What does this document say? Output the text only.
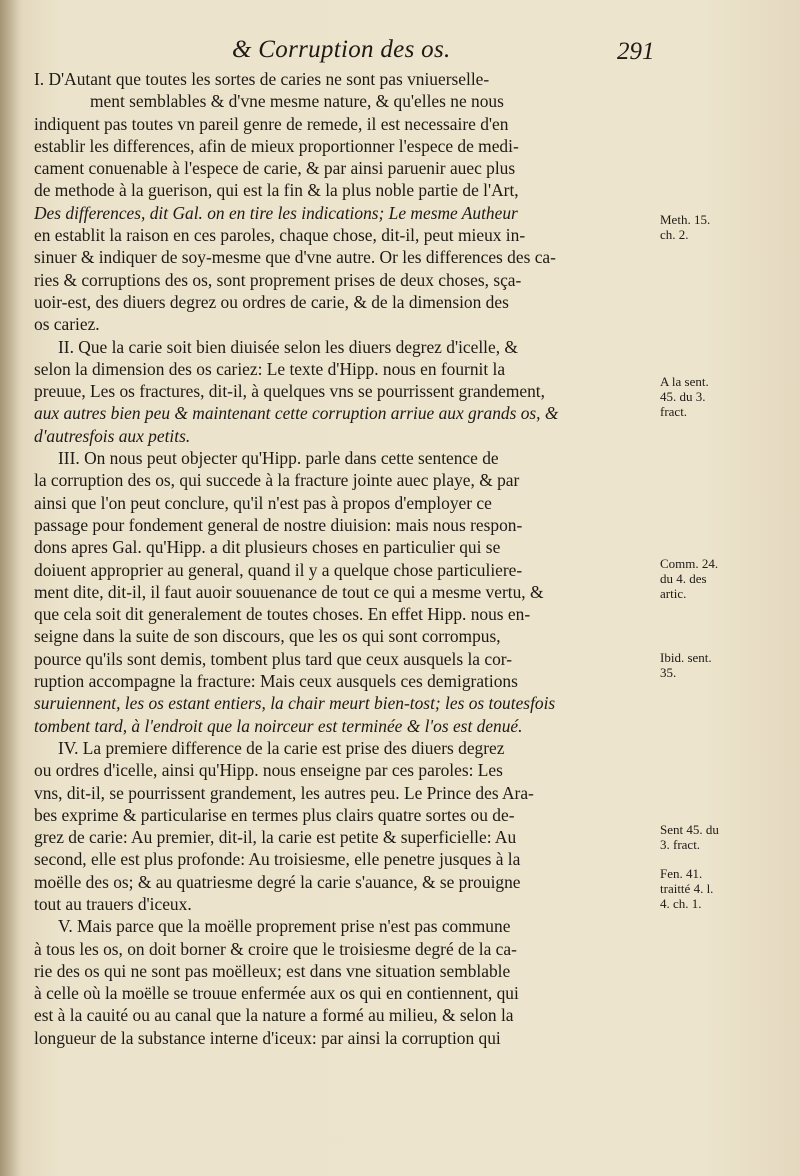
& Corruption des os.	291
I. D'Autant que toutes les sortes de caries ne sont pas vniuerselle-
ment semblables & d'vne mesme nature, & qu'elles ne nous
indiquent pas toutes vn pareil genre de remede, il est necessaire d'en
establir les differences, afin de mieux proportionner l'espece de medi-
cament conuenable à l'espece de carie, & par ainsi paruenir auec plus
de methode à la guerison, qui est la fin & la plus noble partie de l'Art,
Des differences, dit Gal. on en tire les indications; Le mesme Autheur
en establit la raison en ces paroles, chaque chose, dit-il, peut mieux in-
sinuer & indiquer de soy-mesme que d'vne autre. Or les differences des ca-
ries & corruptions des os, sont proprement prises de deux choses, sça-
uoir-est, des diuers degrez ou ordres de carie, & de la dimension des
os cariez.
II. Que la carie soit bien diuisée selon les diuers degrez d'icelle, &
selon la dimension des os cariez: Le texte d'Hipp. nous en fournit la
preuue, Les os fractures, dit-il, à quelques vns se pourrissent grandement,
aux autres bien peu & maintenant cette corruption arriue aux grands os, &
d'autresfois aux petits.
III. On nous peut objecter qu'Hipp. parle dans cette sentence de
la corruption des os, qui succede à la fracture jointe auec playe, & par
ainsi que l'on peut conclure, qu'il n'est pas à propos d'employer ce
passage pour fondement general de nostre diuision: mais nous respon-
dons apres Gal. qu'Hipp. a dit plusieurs choses en particulier qui se
doiuent approprier au general, quand il y a quelque chose particuliere-
ment dite, dit-il, il faut auoir souuenance de tout ce qui a mesme vertu, &
que cela soit dit generalement de toutes choses. En effet Hipp. nous en-
seigne dans la suite de son discours, que les os qui sont corrompus,
pource qu'ils sont demis, tombent plus tard que ceux ausquels la cor-
ruption accompagne la fracture: Mais ceux ausquels ces demigrations
suruiennent, les os estant entiers, la chair meurt bien-tost; les os toutesfois
tombent tard, à l'endroit que la noirceur est terminée & l'os est denué.
IV. La premiere difference de la carie est prise des diuers degrez
ou ordres d'icelle, ainsi qu'Hipp. nous enseigne par ces paroles: Les
vns, dit-il, se pourrissent grandement, les autres peu. Le Prince des Ara-
bes exprime & particularise en termes plus clairs quatre sortes ou de-
grez de carie: Au premier, dit-il, la carie est petite & superficielle: Au
second, elle est plus profonde: Au troisiesme, elle penetre jusques à la
moëlle des os; & au quatriesme degré la carie s'auance, & se prouigne
tout au trauers d'iceux.
V. Mais parce que la moëlle proprement prise n'est pas commune
à tous les os, on doit borner & croire que le troisiesme degré de la ca-
rie des os qui ne sont pas moëlleux; est dans vne situation semblable
à celle où la moëlle se trouue enfermée aux os qui en contiennent, qui
est à la cauité ou au canal que la nature a formé au milieu, & selon la
longueur de la substance interne d'iceux: par ainsi la corruption qui
Meth. 15.
ch. 2.
A la sent.
45. du 3.
fract.
Comm. 24.
du 4. des
artic.
Ibid. sent.
35.
Sent 45. du
3. fract.
Fen. 41.
traitté 4. l.
4. ch. 1.
